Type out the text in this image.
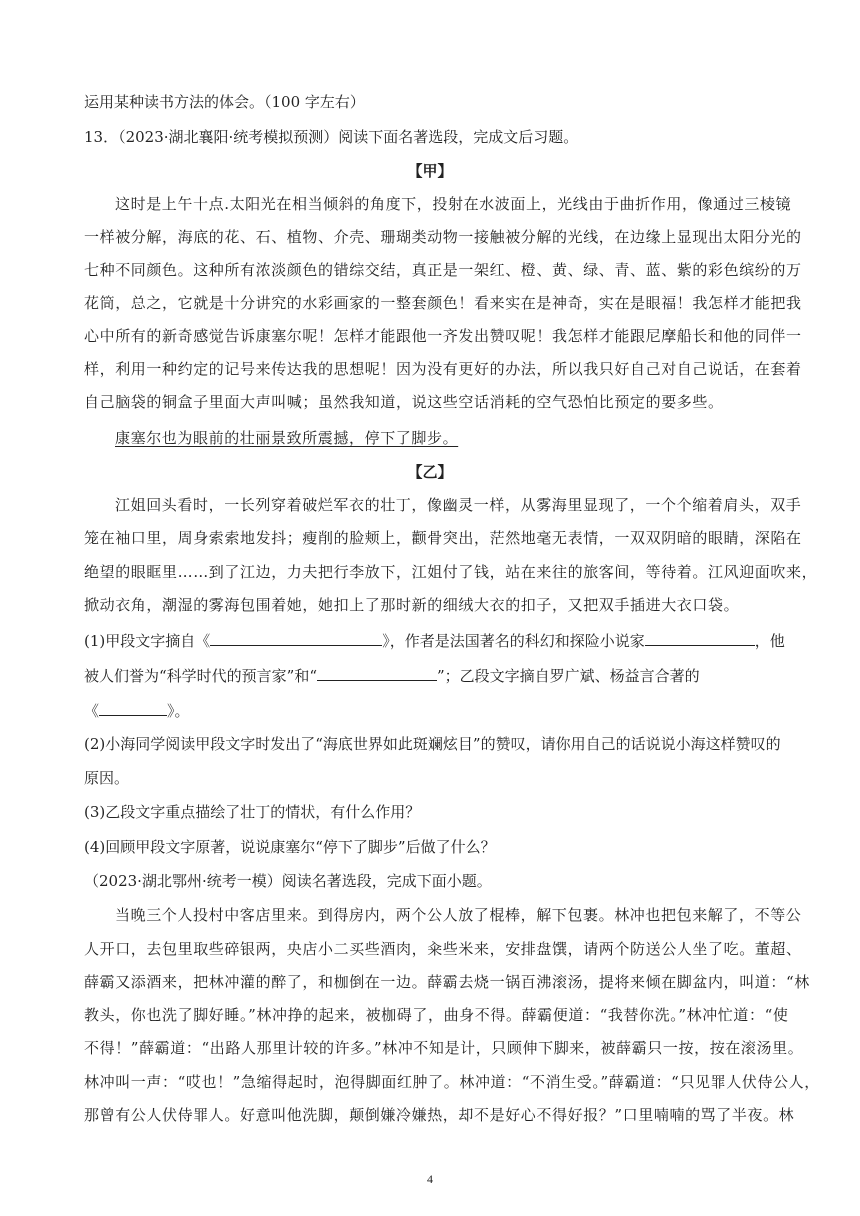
运用某种读书方法的体会。（100 字左右）
13．（2023·湖北襄阳·统考模拟预测）阅读下面名著选段，完成文后习题。
【甲】
这时是上午十点.太阳光在相当倾斜的角度下，投射在水波面上，光线由于曲折作用，像通过三棱镜
一样被分解，海底的花、石、植物、介壳、珊瑚类动物一接触被分解的光线，在边缘上显现出太阳分光的
七种不同颜色。这种所有浓淡颜色的错综交结，真正是一架红、橙、黄、绿、青、蓝、紫的彩色缤纷的万
花筒，总之，它就是十分讲究的水彩画家的一整套颜色！看来实在是神奇，实在是眼福！我怎样才能把我
心中所有的新奇感觉告诉康塞尔呢！怎样才能跟他一齐发出赞叹呢！我怎样才能跟尼摩船长和他的同伴一
样，利用一种约定的记号来传达我的思想呢！因为没有更好的办法，所以我只好自己对自己说话，在套着
自己脑袋的铜盒子里面大声叫喊；虽然我知道，说这些空话消耗的空气恐怕比预定的要多些。
康塞尔也为眼前的壮丽景致所震撼，停下了脚步。
【乙】
江姐回头看时，一长列穿着破烂军衣的壮丁，像幽灵一样，从雾海里显现了，一个个缩着肩头，双手
笼在袖口里，周身索索地发抖；瘦削的脸颊上，颧骨突出，茫然地毫无表情，一双双阴暗的眼睛，深陷在
绝望的眼眶里……到了江边，力夫把行李放下，江姐付了钱，站在来往的旅客间，等待着。江风迎面吹来，
掀动衣角，潮湿的雾海包围着她，她扣上了那时新的细绒大衣的扣子，又把双手插进大衣口袋。
(1)甲段文字摘自《	》，作者是法国著名的科幻和探险小说家	，他
被人们誉为“科学时代的预言家”和“	”；乙段文字摘自罗广斌、杨益言合著的
《	》。
(2)小海同学阅读甲段文字时发出了“海底世界如此斑斓炫目”的赞叹，请你用自己的话说说小海这样赞叹的
原因。
(3)乙段文字重点描绘了壮丁的情状，有什么作用？
(4)回顾甲段文字原著，说说康塞尔“停下了脚步”后做了什么？
（2023·湖北鄂州·统考一模）阅读名著选段，完成下面小题。
当晚三个人投村中客店里来。到得房内，两个公人放了棍棒，解下包裹。林冲也把包来解了，不等公
人开口，去包里取些碎银两，央店小二买些酒肉，籴些米来，安排盘馔，请两个防送公人坐了吃。董超、
薛霸又添酒来，把林冲灌的醉了，和枷倒在一边。薛霸去烧一锅百沸滚汤，提将来倾在脚盆内，叫道：“林
教头，你也洗了脚好睡。”林冲挣的起来，被枷碍了，曲身不得。薛霸便道：“我替你洗。”林冲忙道：“使
不得！”薛霸道：“出路人那里计较的许多。”林冲不知是计，只顾伸下脚来，被薛霸只一按，按在滚汤里。
林冲叫一声：“哎也！”急缩得起时，泡得脚面红肿了。林冲道：“不消生受。”薛霸道：“只见罪人伏侍公人，
那曾有公人伏侍罪人。好意叫他洗脚，颠倒嫌冷嫌热，却不是好心不得好报？”口里喃喃的骂了半夜。林
4
